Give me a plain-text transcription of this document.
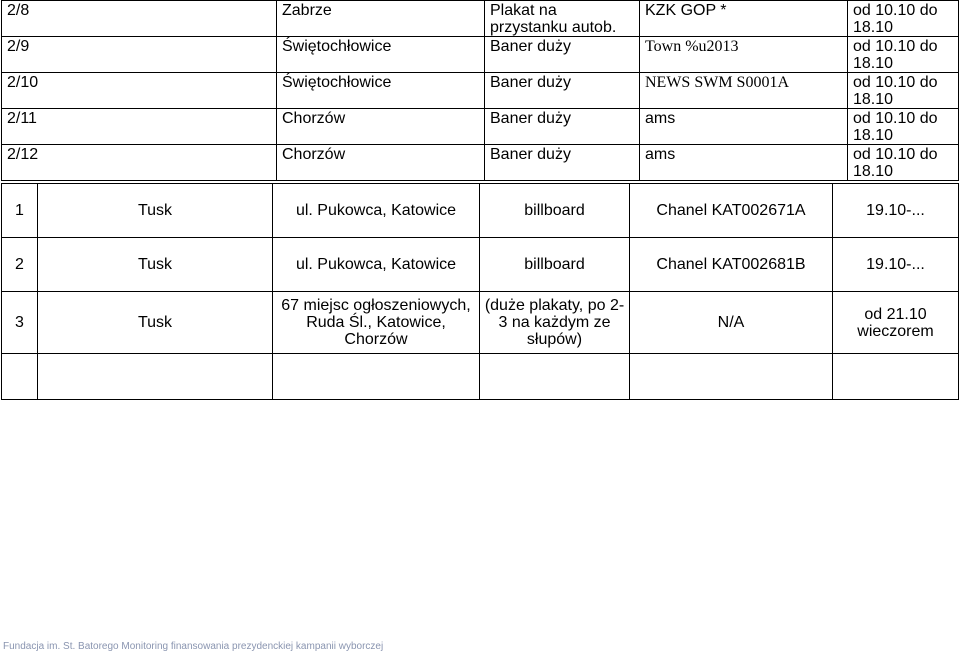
2/8	Zabrze	Plakat na przystanku autob.	KZK GOP *	od 10.10 do 18.10
2/9	Świętochłowice	Baner duży	Town %u2013	od 10.10 do 18.10
2/10	Świętochłowice	Baner duży	NEWS SWM S0001A	od 10.10 do 18.10
2/11	Chorzów	Baner duży	ams	od 10.10 do 18.10
2/12	Chorzów	Baner duży	ams	od 10.10 do 18.10
1	Tusk	ul. Pukowca, Katowice	billboard	Chanel KAT002671A	19.10-...
2	Tusk	ul. Pukowca, Katowice	billboard	Chanel KAT002681B	19.10-...
3	Tusk	67 miejsc ogłoszeniowych, Ruda Śl., Katowice, Chorzów	(duże plakaty, po 2-3 na każdym ze słupów)	N/A	od 21.10 wieczorem

Fundacja im. St. Batorego Monitoring finansowania prezydenckiej kampanii wyborczej
